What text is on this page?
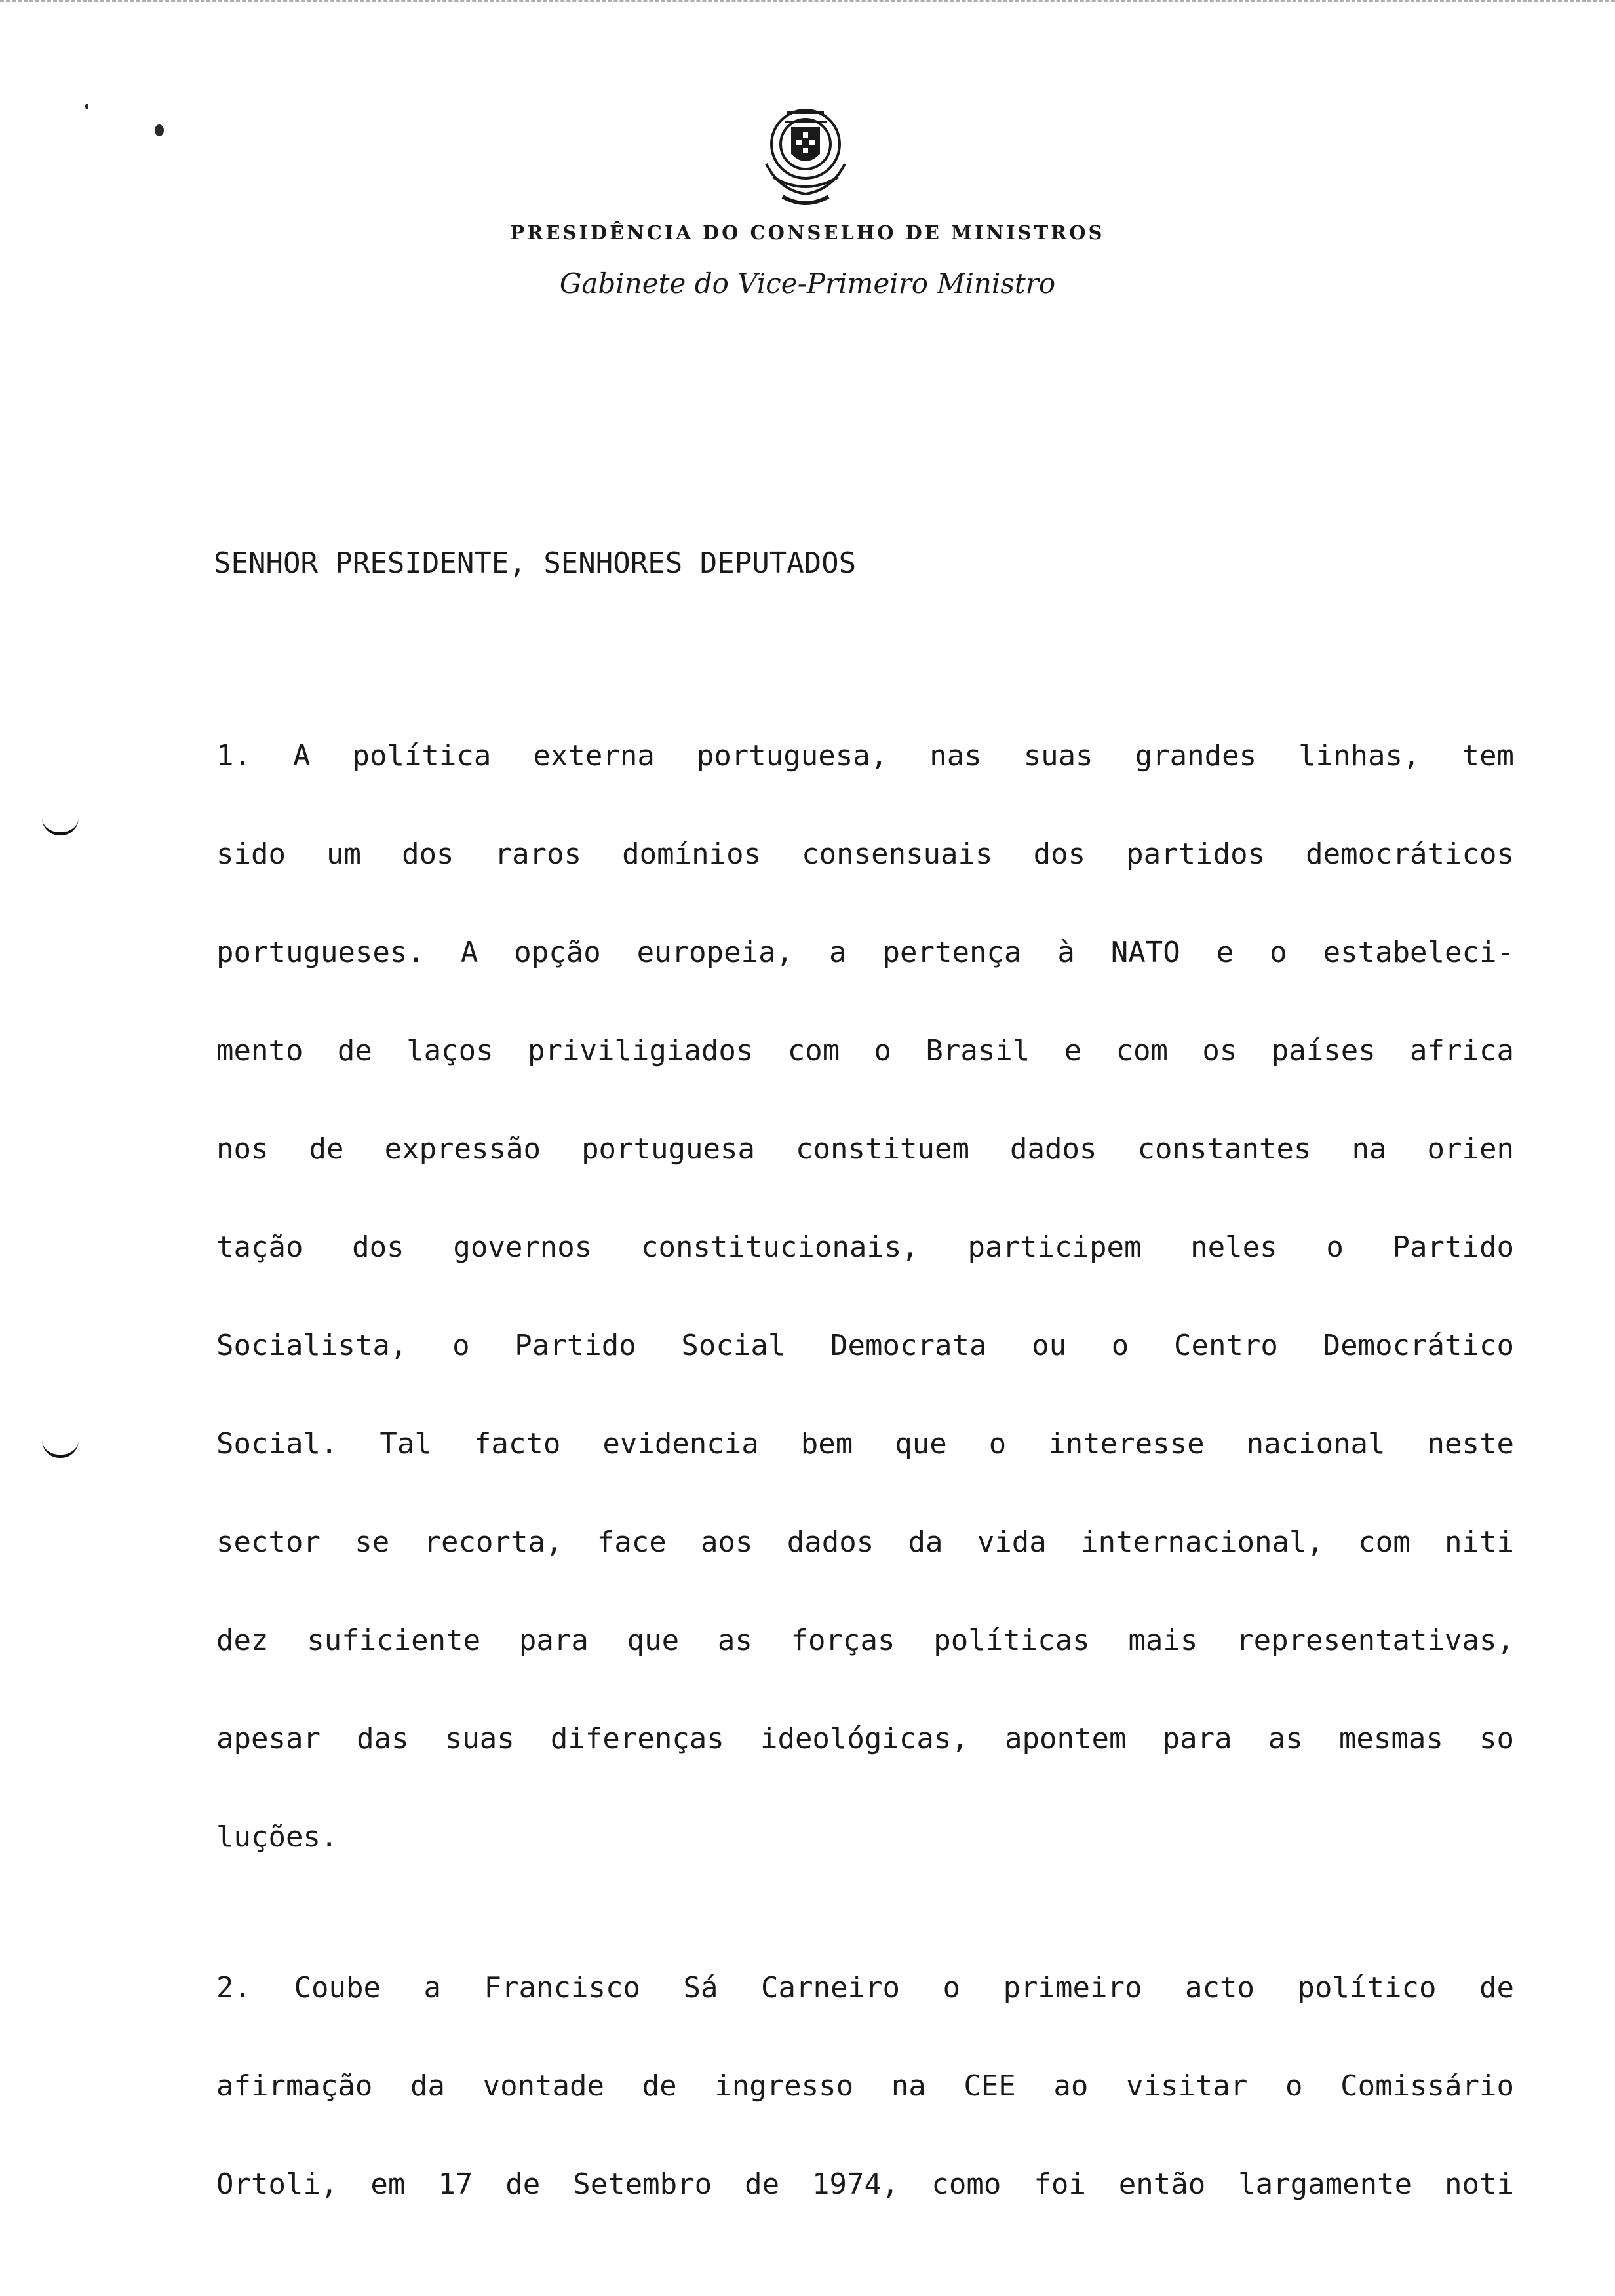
PRESIDÊNCIA DO CONSELHO DE MINISTROS
Gabinete do Vice-Primeiro Ministro
SENHOR PRESIDENTE, SENHORES DEPUTADOS
1. A política externa portuguesa, nas suas grandes linhas, tem
sido um dos raros domínios consensuais dos partidos democráticos
portugueses. A opção europeia, a pertença à NATO e o estabeleci-
mento de laços priviligiados com o Brasil e com os países africa
nos de expressão portuguesa constituem dados constantes na orien
tação dos governos constitucionais, participem neles o Partido
Socialista, o Partido Social Democrata ou o Centro Democrático
Social. Tal facto evidencia bem que o interesse nacional neste
sector se recorta, face aos dados da vida internacional, com niti
dez suficiente para que as forças políticas mais representativas,
apesar das suas diferenças ideológicas, apontem para as mesmas so
luções.
2. Coube a Francisco Sá Carneiro o primeiro acto político de
afirmação da vontade de ingresso na CEE ao visitar o Comissário
Ortoli, em 17 de Setembro de 1974, como foi então largamente noti
